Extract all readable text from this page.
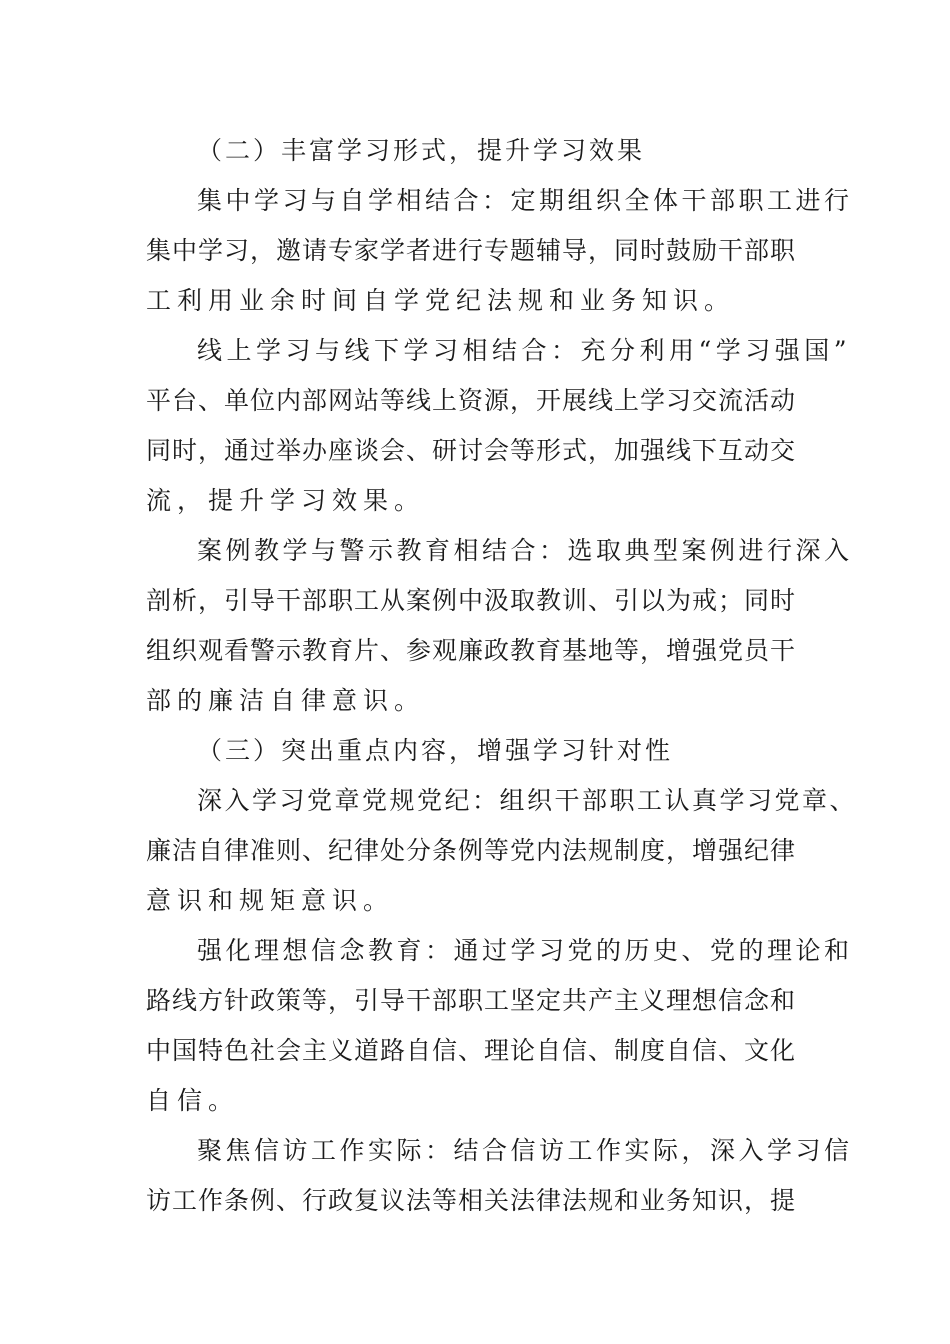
（二）丰富学习形式，提升学习效果
集中学习与自学相结合：定期组织全体干部职工进行
集中学习，邀请专家学者进行专题辅导，同时鼓励干部职
工利用业余时间自学党纪法规和业务知识。
线上学习与线下学习相结合：充分利用“学习强国”
平台、单位内部网站等线上资源，开展线上学习交流活动
同时，通过举办座谈会、研讨会等形式，加强线下互动交
流，提升学习效果。
案例教学与警示教育相结合：选取典型案例进行深入
剖析，引导干部职工从案例中汲取教训、引以为戒；同时
组织观看警示教育片、参观廉政教育基地等，增强党员干
部的廉洁自律意识。
（三）突出重点内容，增强学习针对性
深入学习党章党规党纪：组织干部职工认真学习党章、
廉洁自律准则、纪律处分条例等党内法规制度，增强纪律
意识和规矩意识。
强化理想信念教育：通过学习党的历史、党的理论和
路线方针政策等，引导干部职工坚定共产主义理想信念和
中国特色社会主义道路自信、理论自信、制度自信、文化
自信。
聚焦信访工作实际：结合信访工作实际，深入学习信
访工作条例、行政复议法等相关法律法规和业务知识，提
